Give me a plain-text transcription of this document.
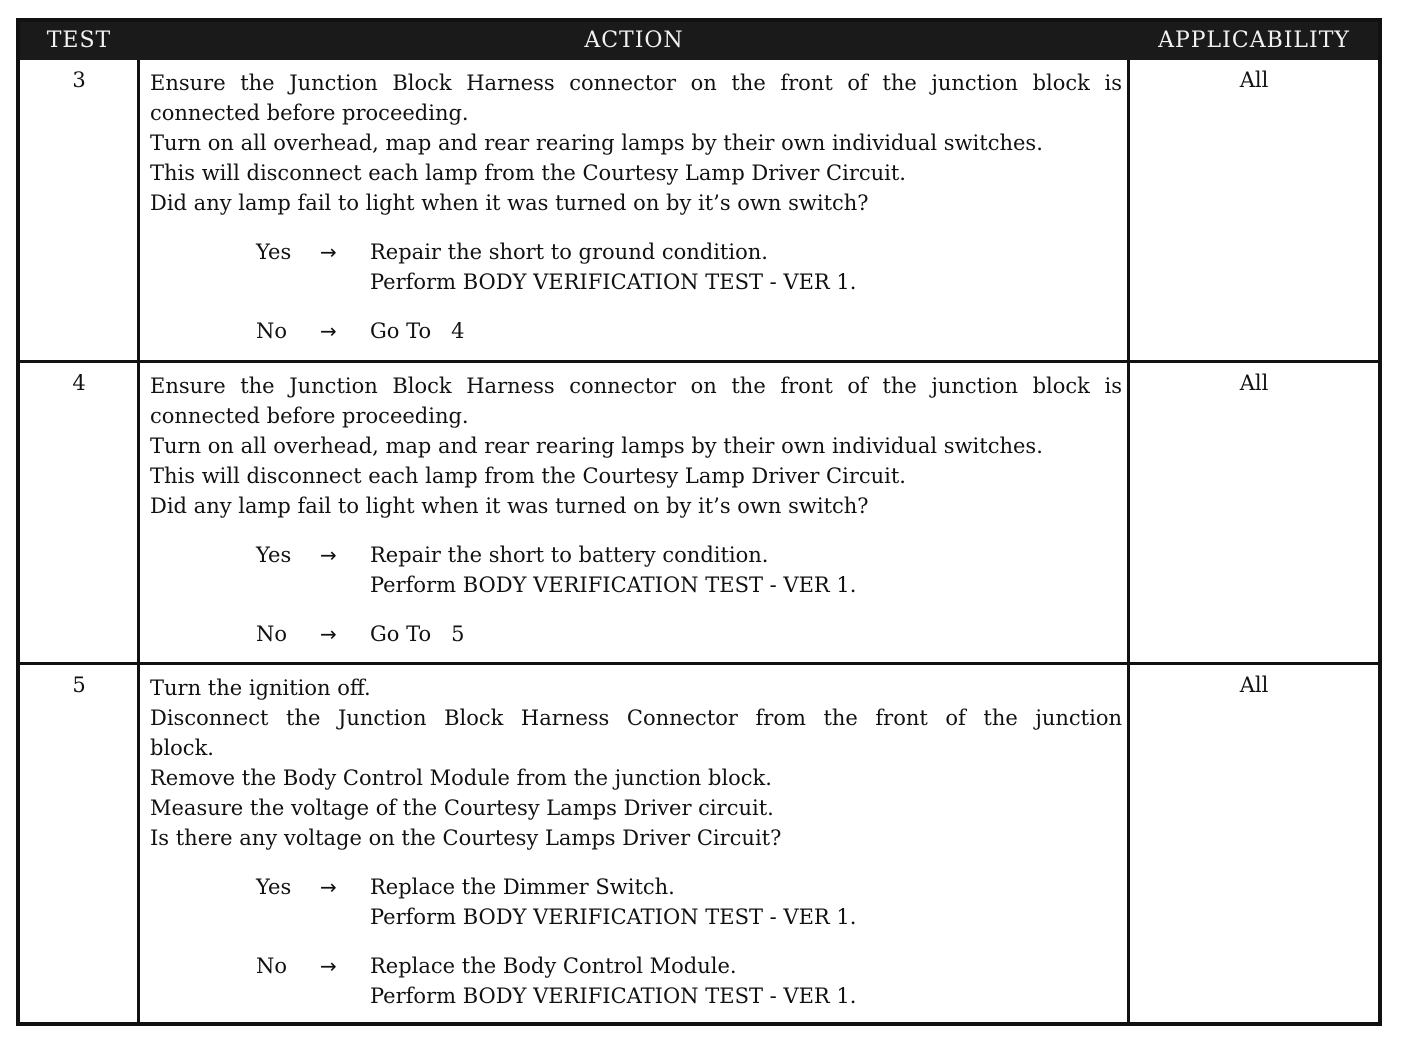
TEST	ACTION	APPLICABILITY
3	Ensure the Junction Block Harness connector on the front of the junction block is
connected before proceeding.
Turn on all overhead, map and rear rearing lamps by their own individual switches.
This will disconnect each lamp from the Courtesy Lamp Driver Circuit.
Did any lamp fail to light when it was turned on by it’s own switch?
Yes → Repair the short to ground condition.
Perform BODY VERIFICATION TEST - VER 1.
No → Go To   4
All
4	Ensure the Junction Block Harness connector on the front of the junction block is
connected before proceeding.
Turn on all overhead, map and rear rearing lamps by their own individual switches.
This will disconnect each lamp from the Courtesy Lamp Driver Circuit.
Did any lamp fail to light when it was turned on by it’s own switch?
Yes → Repair the short to battery condition.
Perform BODY VERIFICATION TEST - VER 1.
No → Go To   5
All
5	Turn the ignition off.
Disconnect the Junction Block Harness Connector from the front of the junction
block.
Remove the Body Control Module from the junction block.
Measure the voltage of the Courtesy Lamps Driver circuit.
Is there any voltage on the Courtesy Lamps Driver Circuit?
Yes → Replace the Dimmer Switch.
Perform BODY VERIFICATION TEST - VER 1.
No → Replace the Body Control Module.
Perform BODY VERIFICATION TEST - VER 1.
All
